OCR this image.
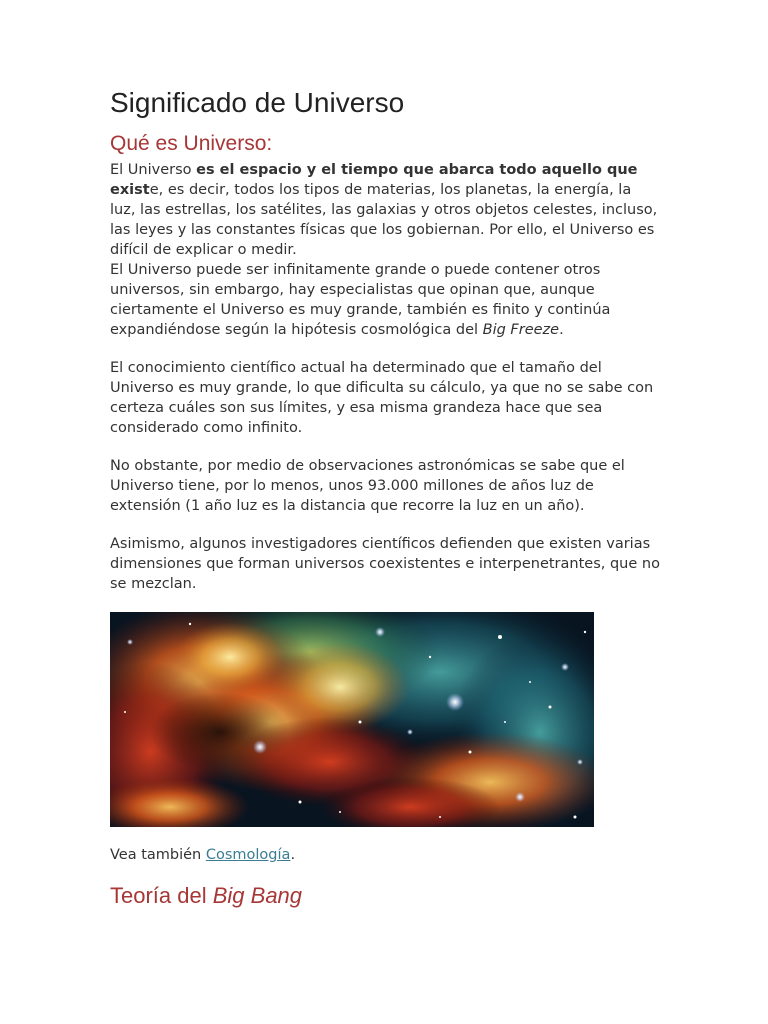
Significado de Universo
Qué es Universo:

El Universo es el espacio y el tiempo que abarca todo aquello que existe, es decir, todos los tipos de materias, los planetas, la energía, la luz, las estrellas, los satélites, las galaxias y otros objetos celestes, incluso, las leyes y las constantes físicas que los gobiernan. Por ello, el Universo es difícil de explicar o medir.

El Universo puede ser infinitamente grande o puede contener otros universos, sin embargo, hay especialistas que opinan que, aunque ciertamente el Universo es muy grande, también es finito y continúa expandiéndose según la hipótesis cosmológica del Big Freeze.

El conocimiento científico actual ha determinado que el tamaño del Universo es muy grande, lo que dificulta su cálculo, ya que no se sabe con certeza cuáles son sus límites, y esa misma grandeza hace que sea considerado como infinito.

No obstante, por medio de observaciones astronómicas se sabe que el Universo tiene, por lo menos, unos 93.000 millones de años luz de extensión (1 año luz es la distancia que recorre la luz en un año).

Asimismo, algunos investigadores científicos defienden que existen varias dimensiones que forman universos coexistentes e interpenetrantes, que no se mezclan.

Vea también Cosmología.

Teoría del Big Bang
